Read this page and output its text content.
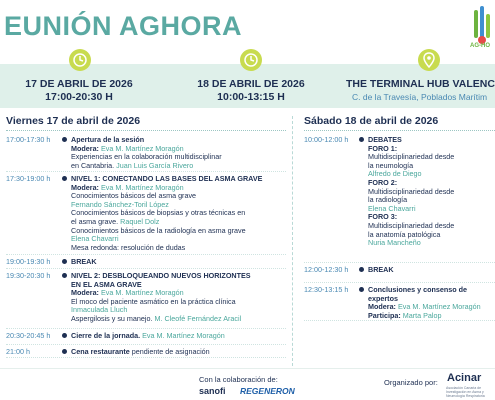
EUNIÓN AGHORA
AG-HO
17 DE ABRIL DE 2026
17:00-20:30 H
18 DE ABRIL DE 2026
10:00-13:15 H
THE TERMINAL HUB VALENC
C. de la Travesía, Poblados Marítim
Viernes 17 de abril de 2026	Sábado 18 de abril de 2026
17:00-17:30 h	Apertura de la sesión
Modera: Eva M. Martínez Moragón
Experiencias en la colaboración multidisciplinar
en Cantabria. Juan Luis García Rivero
17:30-19:00 h	NIVEL 1: CONECTANDO LAS BASES DEL ASMA GRAVE
Modera: Eva M. Martínez Moragón
Conocimientos básicos del asma grave
Fernando Sánchez-Toril López
Conocimientos básicos de biopsias y otras técnicas en
el asma grave. Raquel Dolz
Conocimientos básicos de la radiología en asma grave
Elena Chavarri
Mesa redonda: resolución de dudas
19:00-19:30 h	BREAK
19:30-20:30 h	NIVEL 2: DESBLOQUEANDO NUEVOS HORIZONTES
EN EL ASMA GRAVE
Modera: Eva M. Martínez Moragón
El moco del paciente asmático en la práctica clínica
Inmaculada Lluch
Aspergilosis y su manejo. M. Cleofé Fernández Aracil
20:30-20:45 h	Cierre de la jornada. Eva M. Martínez Moragón
21:00 h	Cena restaurante pendiente de asignación
10:00-12:00 h	DEBATES
FORO 1:
Multidisciplinariedad desde
la neumología
Alfredo de Diego
FORO 2:
Multidisciplinariedad desde
la radiología
Elena Chavarri
FORO 3:
Multidisciplinariedad desde
la anatomía patológica
Nuria Mancheño
12:00-12:30 h	BREAK
12:30-13:15 h	Conclusiones y consenso de
expertos
Modera: Eva M. Martínez Moragón
Participa: Marta Palop
Con la colaboración de:
sanofi REGENERON
Organizado por: Acinar
Asociación Canaria de Investigación en Asma y Neumología Respiratoria
